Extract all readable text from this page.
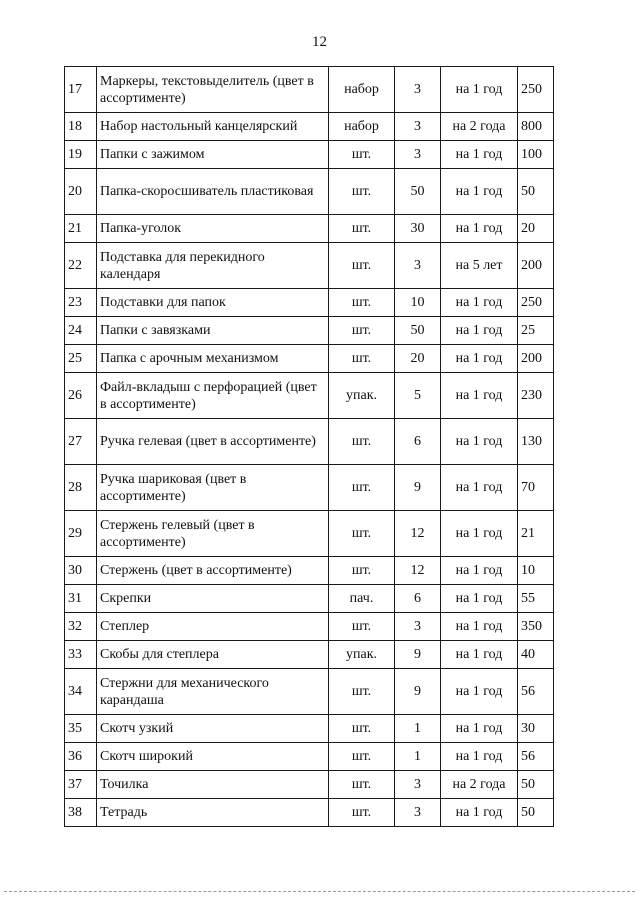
12
17	Маркеры, текстовыделитель (цвет в ассортименте)	набор	3	на 1 год	250
18	Набор настольный канцелярский	набор	3	на 2 года	800
19	Папки с зажимом	шт.	3	на 1 год	100
20	Папка-скоросшиватель пластиковая	шт.	50	на 1 год	50
21	Папка-уголок	шт.	30	на 1 год	20
22	Подставка для перекидного календаря	шт.	3	на 5 лет	200
23	Подставки для папок	шт.	10	на 1 год	250
24	Папки с завязками	шт.	50	на 1 год	25
25	Папка с арочным механизмом	шт.	20	на 1 год	200
26	Файл-вкладыш с перфорацией (цвет в ассортименте)	упак.	5	на 1 год	230
27	Ручка гелевая (цвет в ассортименте)	шт.	6	на 1 год	130
28	Ручка шариковая (цвет в ассортименте)	шт.	9	на 1 год	70
29	Стержень гелевый (цвет в ассортименте)	шт.	12	на 1 год	21
30	Стержень (цвет в ассортименте)	шт.	12	на 1 год	10
31	Скрепки	пач.	6	на 1 год	55
32	Степлер	шт.	3	на 1 год	350
33	Скобы для степлера	упак.	9	на 1 год	40
34	Стержни для механического карандаша	шт.	9	на 1 год	56
35	Скотч узкий	шт.	1	на 1 год	30
36	Скотч широкий	шт.	1	на 1 год	56
37	Точилка	шт.	3	на 2 года	50
38	Тетрадь	шт.	3	на 1 год	50
